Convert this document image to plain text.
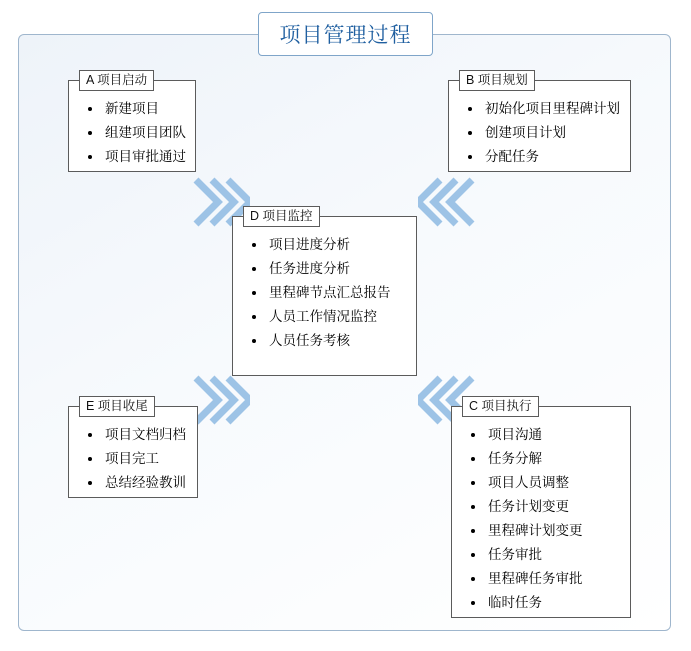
项目管理过程
A 项目启动
• 新建项目
• 组建项目团队
• 项目审批通过
B 项目规划
• 初始化项目里程碑计划
• 创建项目计划
• 分配任务
D 项目监控
• 项目进度分析
• 任务进度分析
• 里程碑节点汇总报告
• 人员工作情况监控
• 人员任务考核
E 项目收尾
• 项目文档归档
• 项目完工
• 总结经验教训
C 项目执行
• 项目沟通
• 任务分解
• 项目人员调整
• 任务计划变更
• 里程碑计划变更
• 任务审批
• 里程碑任务审批
• 临时任务
